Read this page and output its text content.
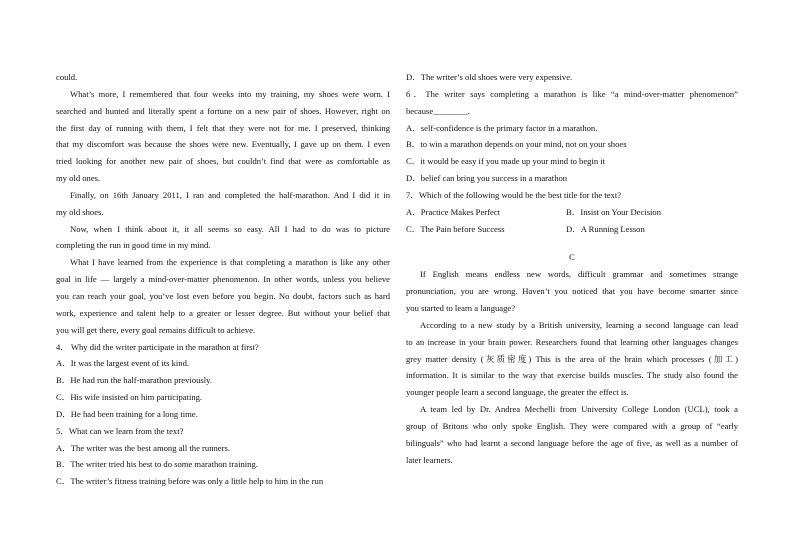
could.
What’s more, I remembered that four weeks into my training, my shoes were worn. I
searched and hunted and literally spent a fortune on a new pair of shoes. However, right on
the first day of running with them, I felt that they were not for me. I preserved, thinking
that my discomfort was because the shoes were new. Eventually, I gave up on them. I even
tried looking for another new pair of shoes, but couldn’t find that were as comfortable as
my old ones.
Finally, on 16th January 2011, I ran and completed the half-marathon. And I did it in
my old shoes.
Now, when I think about it, it all seems so easy. All I had to do was to picture
completing the run in good time in my mind.
What I have learned from the experience is that completing a marathon is like any other
goal in life — largely a mind-over-matter phenomenon. In other words, unless you believe
you can reach your goal, you’ve lost even before you begin. No doubt, factors such as hard
work, experience and talent help to a greater or lesser degree. But without your belief that
you will get there, every goal remains difficult to achieve.
4． Why did the writer participate in the marathon at first?
A．It was the largest event of its kind.
B．He had run the half-marathon previously.
C．His wife insisted on him participating.
D．He had been training for a long time.
5．What can we learn from the text?
A．The writer was the best among all the runners.
B．The writer tried his best to do some marathon training.
C．The writer’s fitness training before was only a little help to him in the run
D．The writer’s old shoes were very expensive.
6．The writer says completing a marathon is like “a mind-over-matter phenomenon”
because________.
A．self-confidence is the primary factor in a marathon.
B．to win a marathon depends on your mind, not on your shoes
C．it would be easy if you made up your mind to begin it
D．belief can bring you success in a marathon
7．Which of the following would be the best title for the text?
A．Practice Makes Perfect	B．Insist on Your Decision
C．The Pain before Success	D．A Running Lesson
C
If English means endless new words, difficult grammar and sometimes strange
pronunciation, you are wrong. Haven’t you noticed that you have become smarter since
you started to learn a language?
According to a new study by a British university, learning a second language can lead
to an increase in your brain power. Researchers found that learning other languages changes
grey matter density (灰质密度) This is the area of the brain which processes (加工)
information. It is similar to the way that exercise builds muscles. The study also found the
younger people learn a second language, the greater the effect is.
A team led by Dr. Andrea Mechelli from University College London (UCL), took a
group of Britons who only spoke English. They were compared with a group of “early
bilinguals” who had learnt a second language before the age of five, as well as a number of
later learners.
